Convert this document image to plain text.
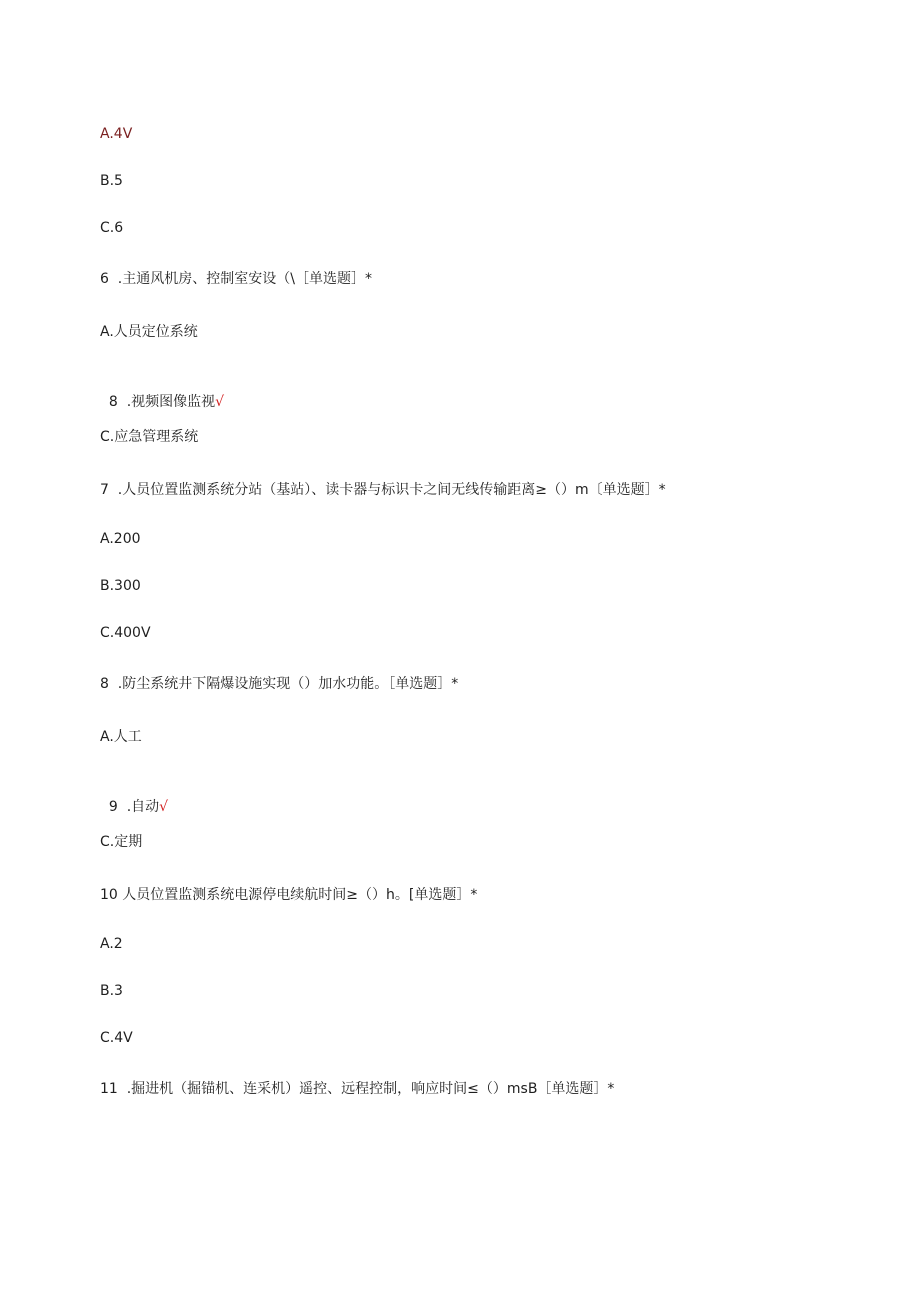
A.4V
B.5
C.6
6  .主通风机房、控制室安设（\［单选题］*
A.人员定位系统

8  .视频图像监视√

C.应急管理系统
7  .人员位置监测系统分站（基站）、读卡器与标识卡之间无线传输距离≥（）m〔单选题］*
A.200
B.300
C.400V
8  .防尘系统井下隔爆设施实现（）加水功能。［单选题］*
A.人工

9  .自动√

C.定期
10 人员位置监测系统电源停电续航时间≥（）h。[单选题］*
A.2
B.3
C.4V
11  .掘进机（掘锚机、连采机）遥控、远程控制，响应时间≤（）msΒ［单选题］*
